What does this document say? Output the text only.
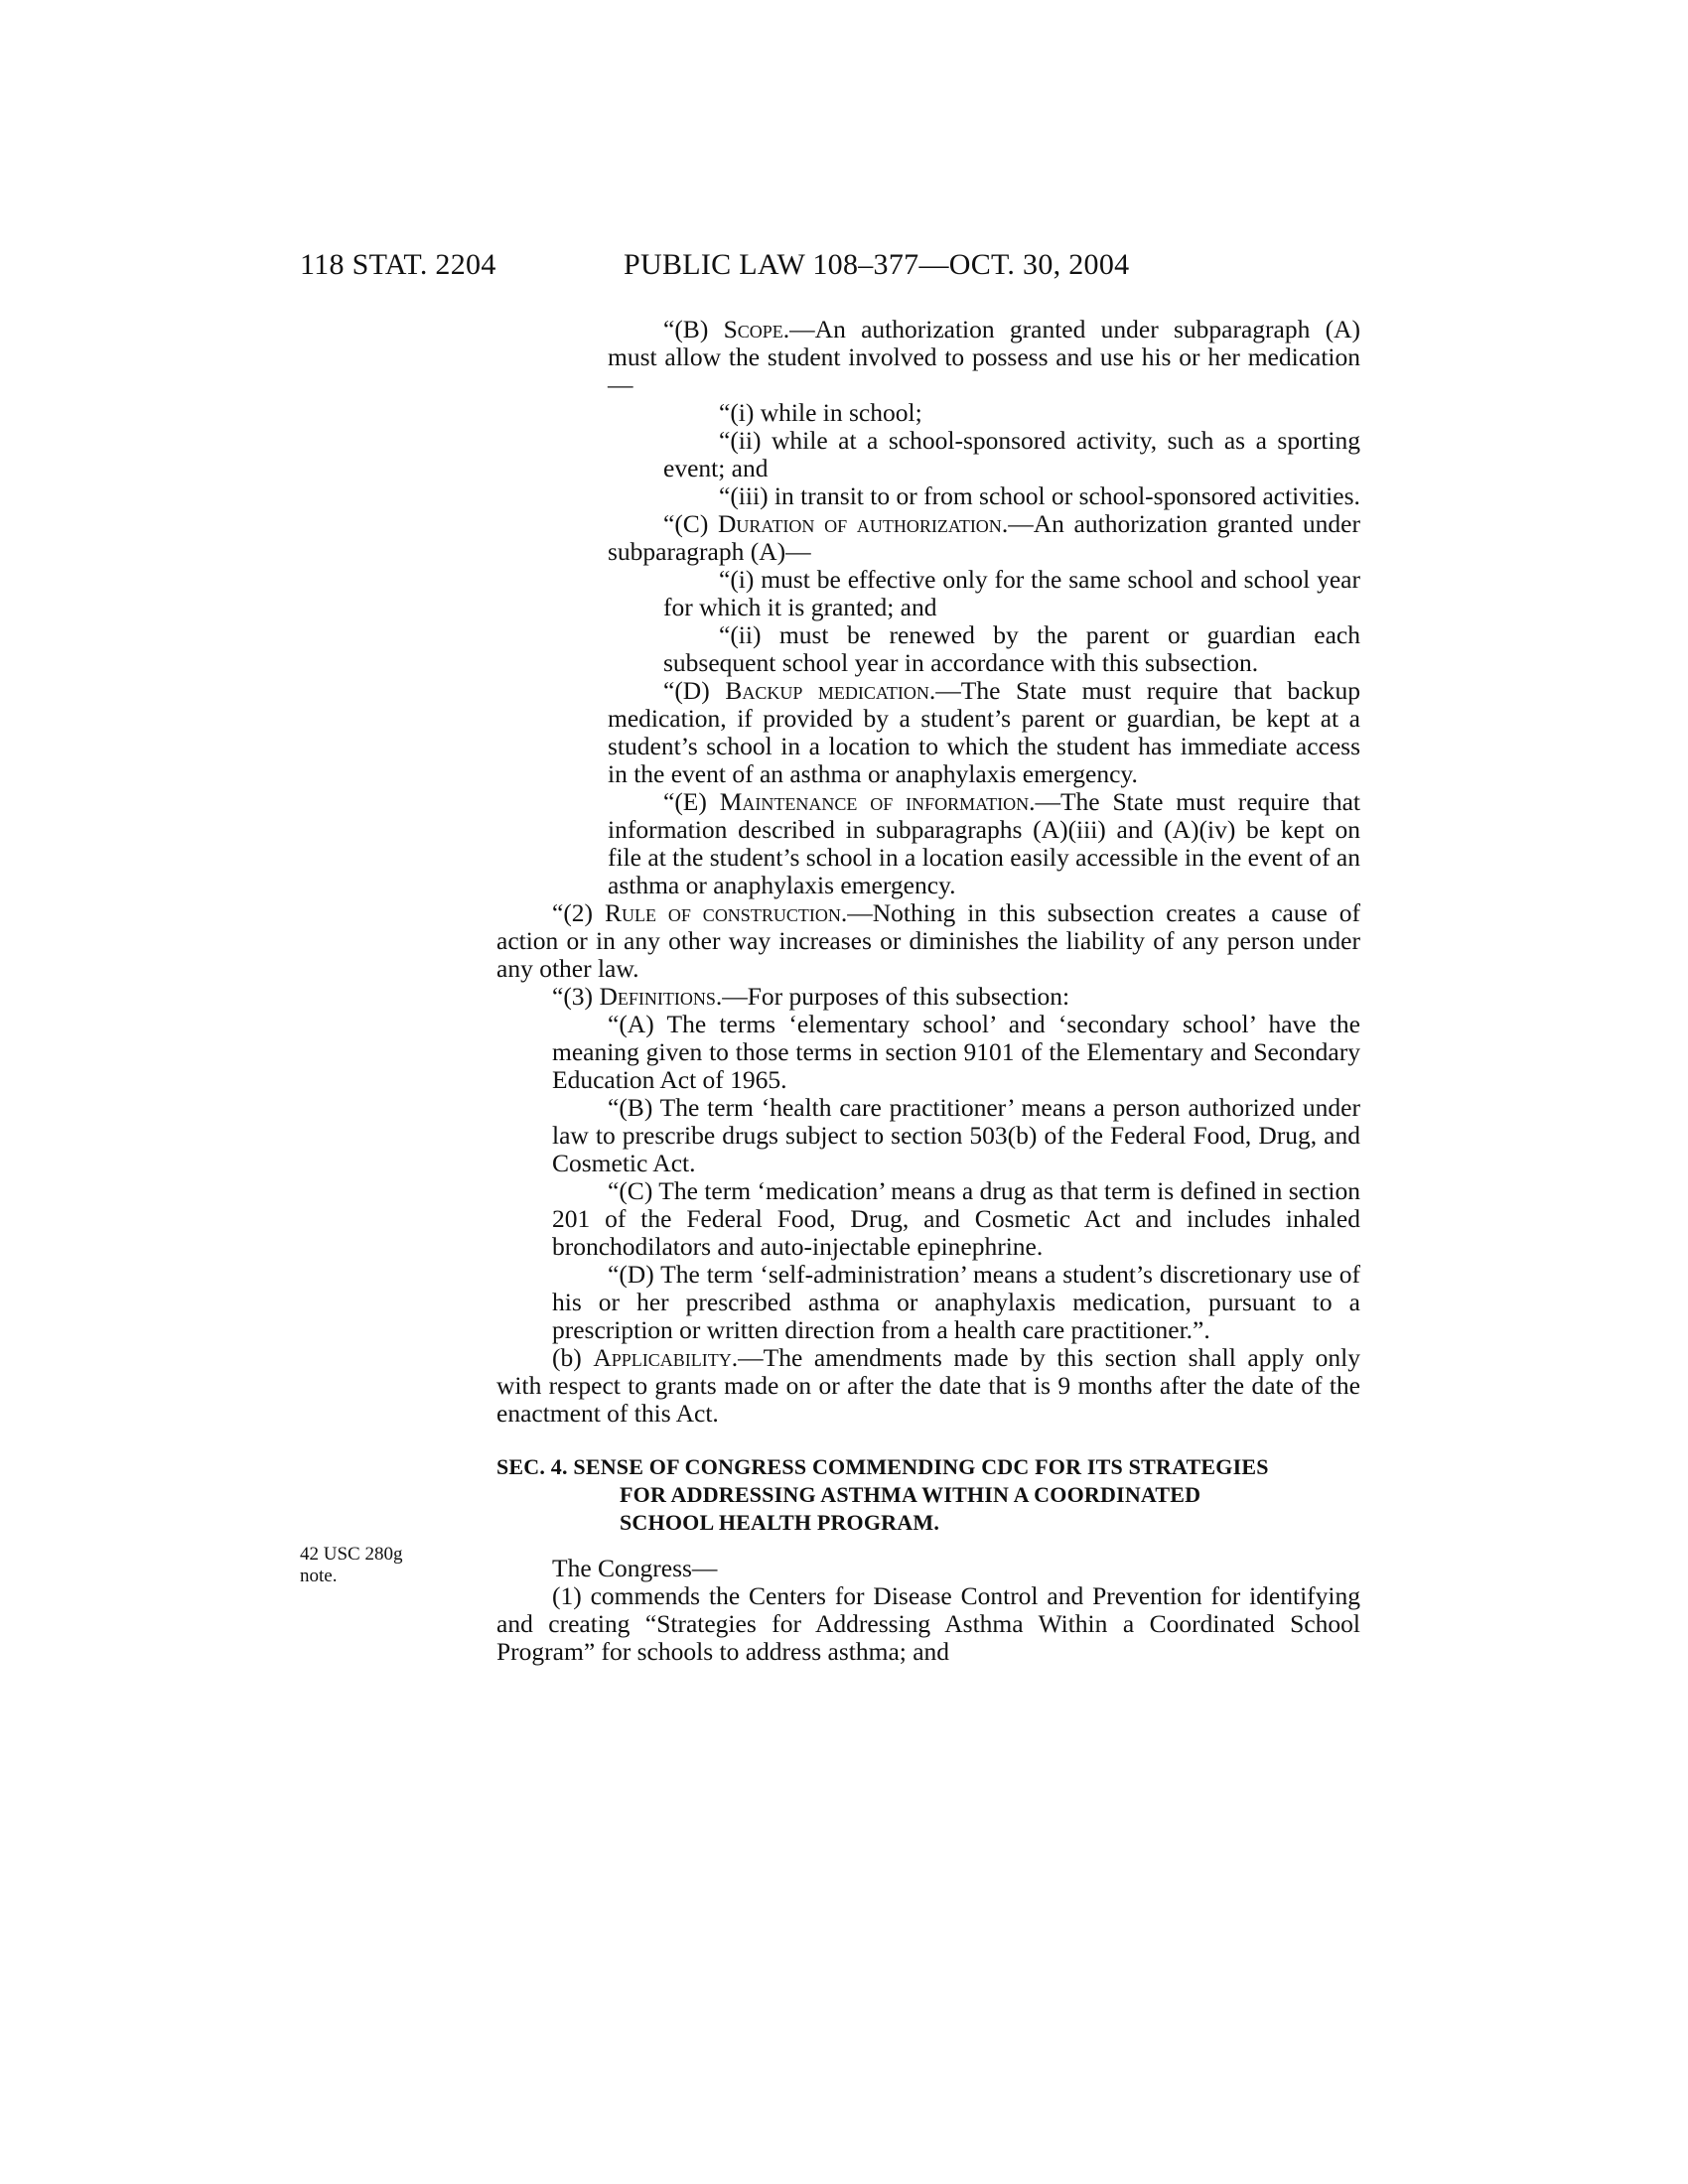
118 STAT. 2204	PUBLIC LAW 108–377—OCT. 30, 2004
42 USC 280g
note.

“(B) Scope.—An authorization granted under subparagraph (A) must allow the student involved to possess and use his or her medication—

“(i) while in school;

“(ii) while at a school-sponsored activity, such as a sporting event; and

“(iii) in transit to or from school or school-sponsored activities.

“(C) Duration of authorization.—An authorization granted under subparagraph (A)—

“(i) must be effective only for the same school and school year for which it is granted; and

“(ii) must be renewed by the parent or guardian each subsequent school year in accordance with this subsection.

“(D) Backup medication.—The State must require that backup medication, if provided by a student’s parent or guardian, be kept at a student’s school in a location to which the student has immediate access in the event of an asthma or anaphylaxis emergency.

“(E) Maintenance of information.—The State must require that information described in subparagraphs (A)(iii) and (A)(iv) be kept on file at the student’s school in a location easily accessible in the event of an asthma or anaphylaxis emergency.

“(2) Rule of construction.—Nothing in this subsection creates a cause of action or in any other way increases or diminishes the liability of any person under any other law.

“(3) Definitions.—For purposes of this subsection:

“(A) The terms ‘elementary school’ and ‘secondary school’ have the meaning given to those terms in section 9101 of the Elementary and Secondary Education Act of 1965.

“(B) The term ‘health care practitioner’ means a person authorized under law to prescribe drugs subject to section 503(b) of the Federal Food, Drug, and Cosmetic Act.

“(C) The term ‘medication’ means a drug as that term is defined in section 201 of the Federal Food, Drug, and Cosmetic Act and includes inhaled bronchodilators and auto-injectable epinephrine.

“(D) The term ‘self-administration’ means a student’s discretionary use of his or her prescribed asthma or anaphylaxis medication, pursuant to a prescription or written direction from a health care practitioner.”.

(b) Applicability.—The amendments made by this section shall apply only with respect to grants made on or after the date that is 9 months after the date of the enactment of this Act.

SEC. 4. SENSE OF CONGRESS COMMENDING CDC FOR ITS STRATEGIES
FOR ADDRESSING ASTHMA WITHIN A COORDINATED
SCHOOL HEALTH PROGRAM.

The Congress—

(1) commends the Centers for Disease Control and Prevention for identifying and creating “Strategies for Addressing Asthma Within a Coordinated School Program” for schools to address asthma; and
